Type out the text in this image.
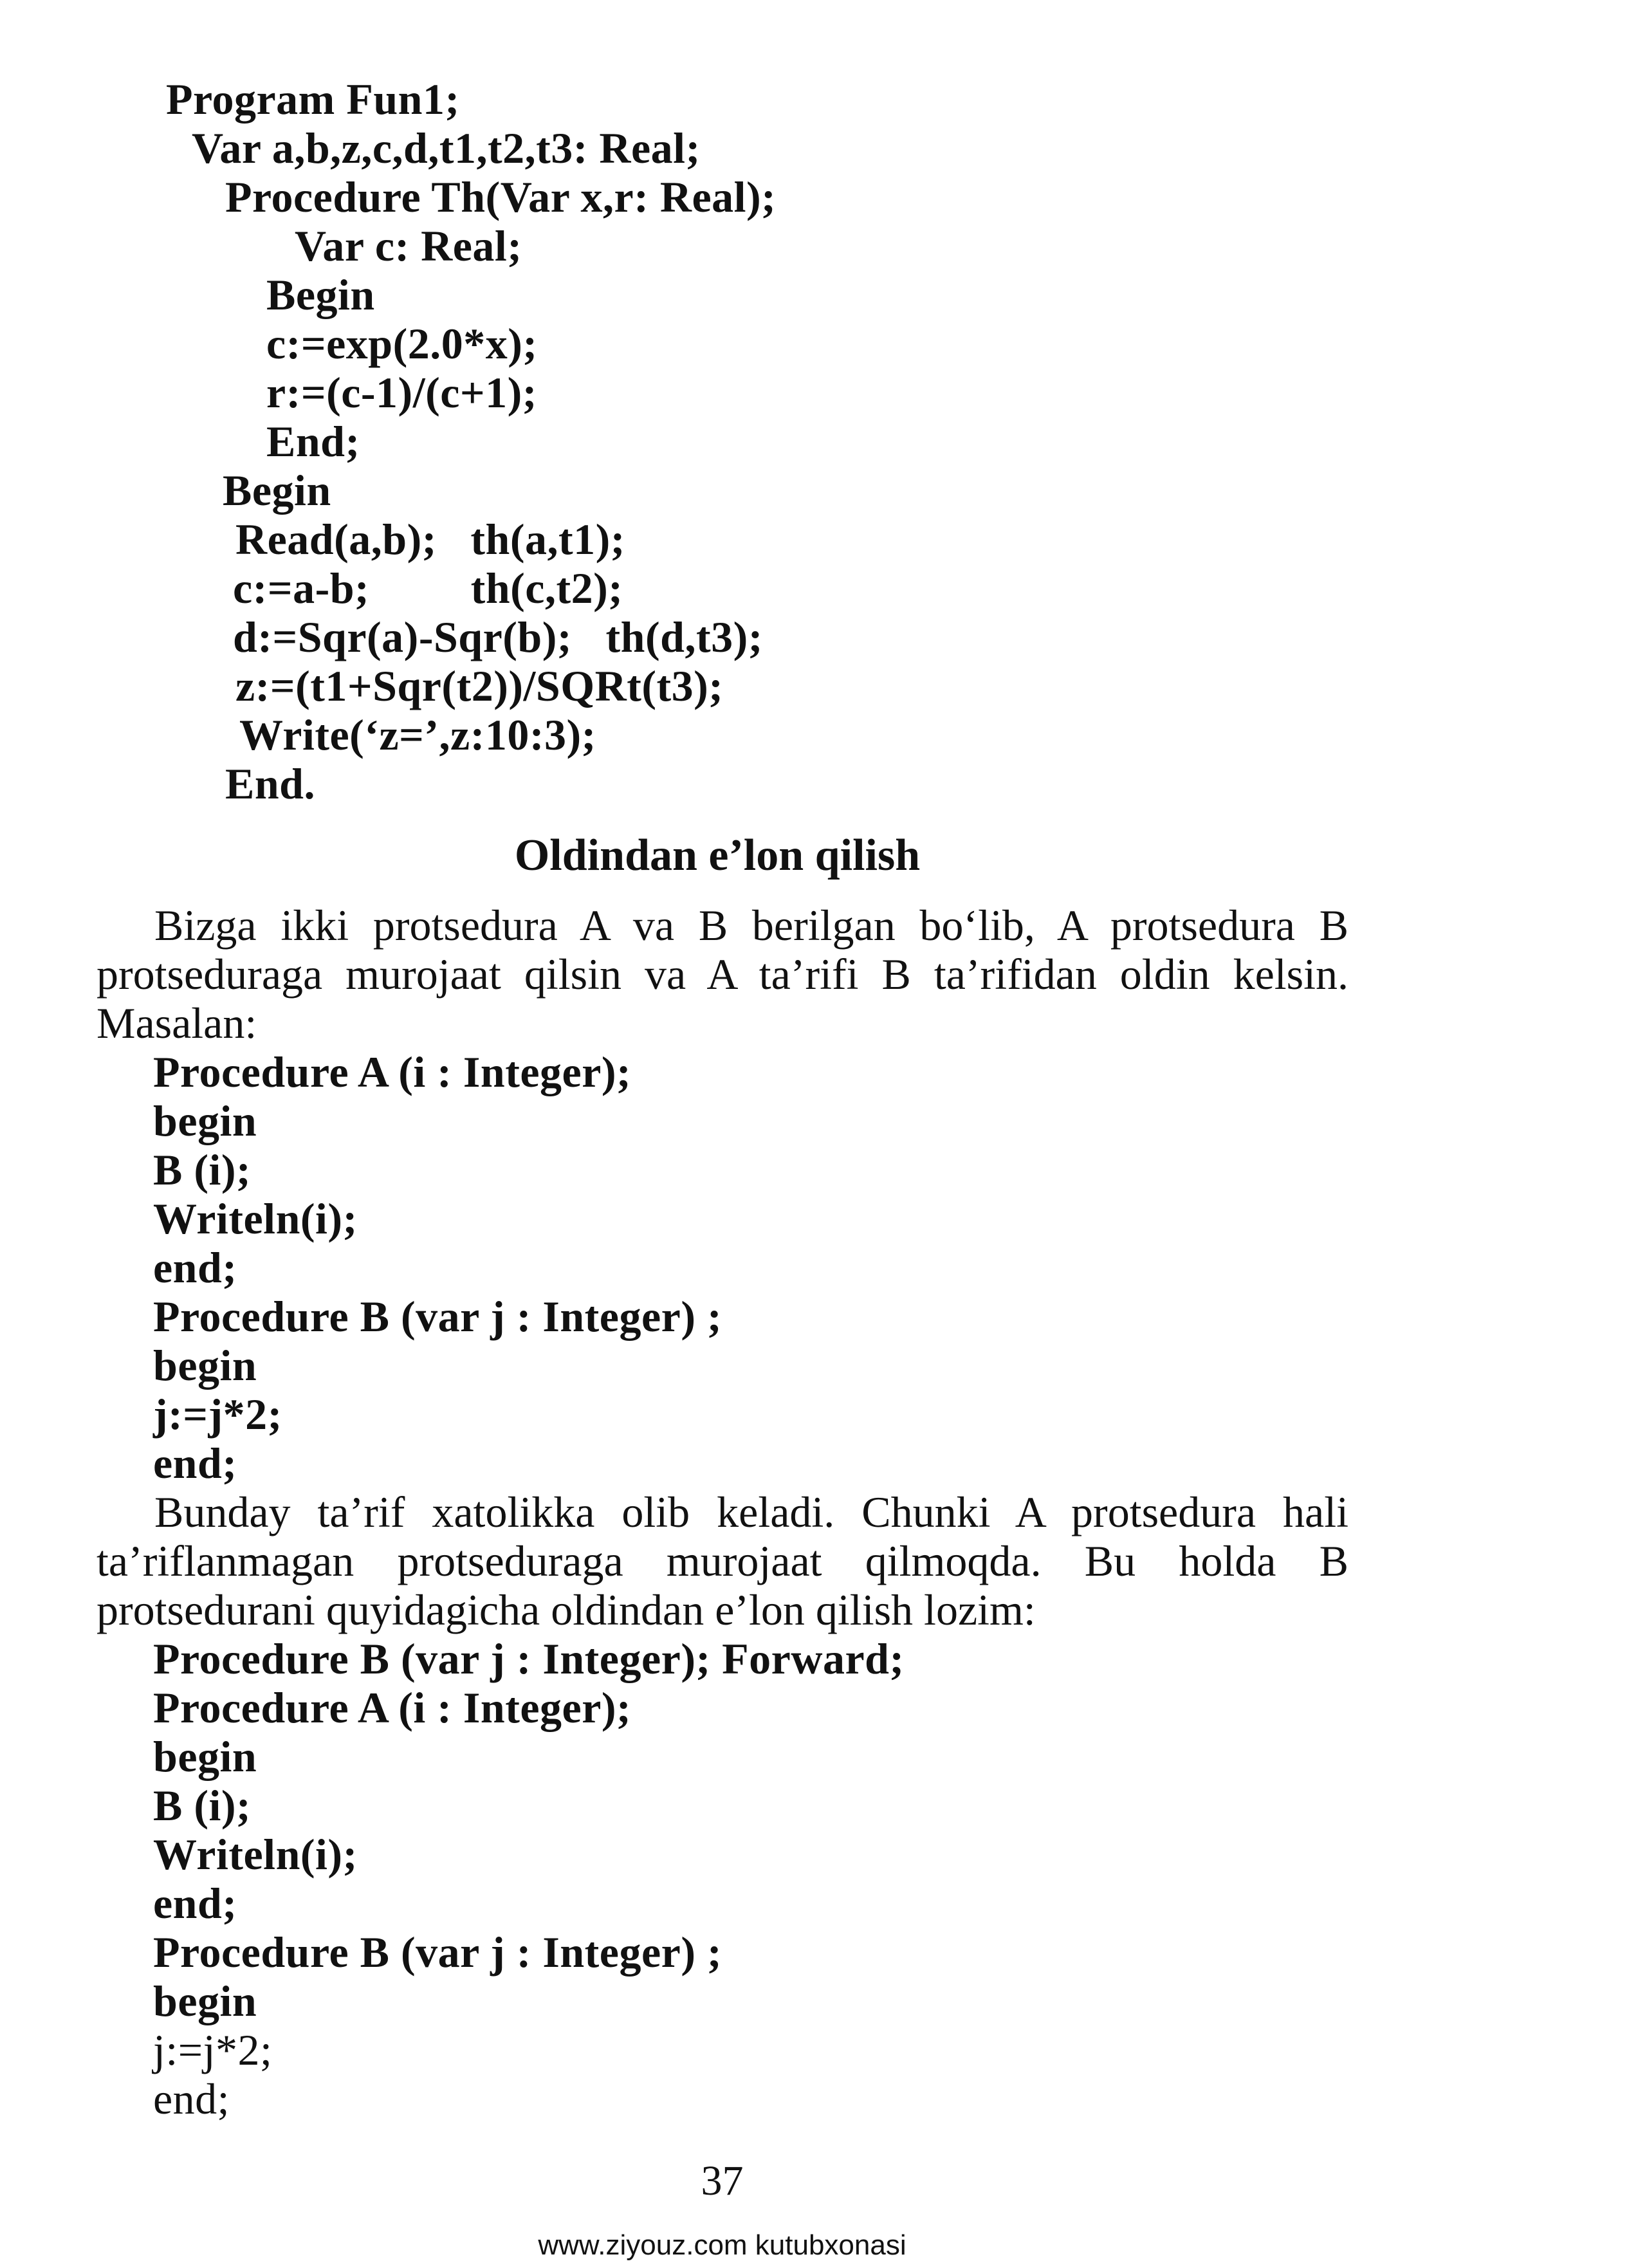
Program Fun1;
Var a,b,z,c,d,t1,t2,t3: Real;
Procedure Th(Var x,r: Real);
Var c: Real;
Begin
c:=exp(2.0*x);
r:=(c-1)/(c+1);
End;
Begin
Read(a,b);   th(a,t1);
c:=a-b;         th(c,t2);
d:=Sqr(a)-Sqr(b);   th(d,t3);
z:=(t1+Sqr(t2))/SQRt(t3);
Write(‘z=’,z:10:3);
End.
Oldindan e’lon qilish
Bizga ikki protsedura A va B berilgan bo‘lib, A protsedura B protseduraga murojaat qilsin va A ta’rifi B ta’rifidan oldin kelsin. Masalan:
Procedure A (i : Integer);
begin
B (i);
Writeln(i);
end;
Procedure B (var j : Integer) ;
begin
j:=j*2;
end;
Bunday ta’rif xatolikka olib keladi. Chunki A protsedura hali ta’riflanmagan protseduraga murojaat qilmoqda. Bu holda B protsedurani quyidagicha oldindan e’lon qilish lozim:
Procedure B (var j : Integer); Forward;
Procedure A (i : Integer);
begin
B (i);
Writeln(i);
end;
Procedure B (var j : Integer) ;
begin
j:=j*2;
end;
37
www.ziyouz.com kutubxonasi
